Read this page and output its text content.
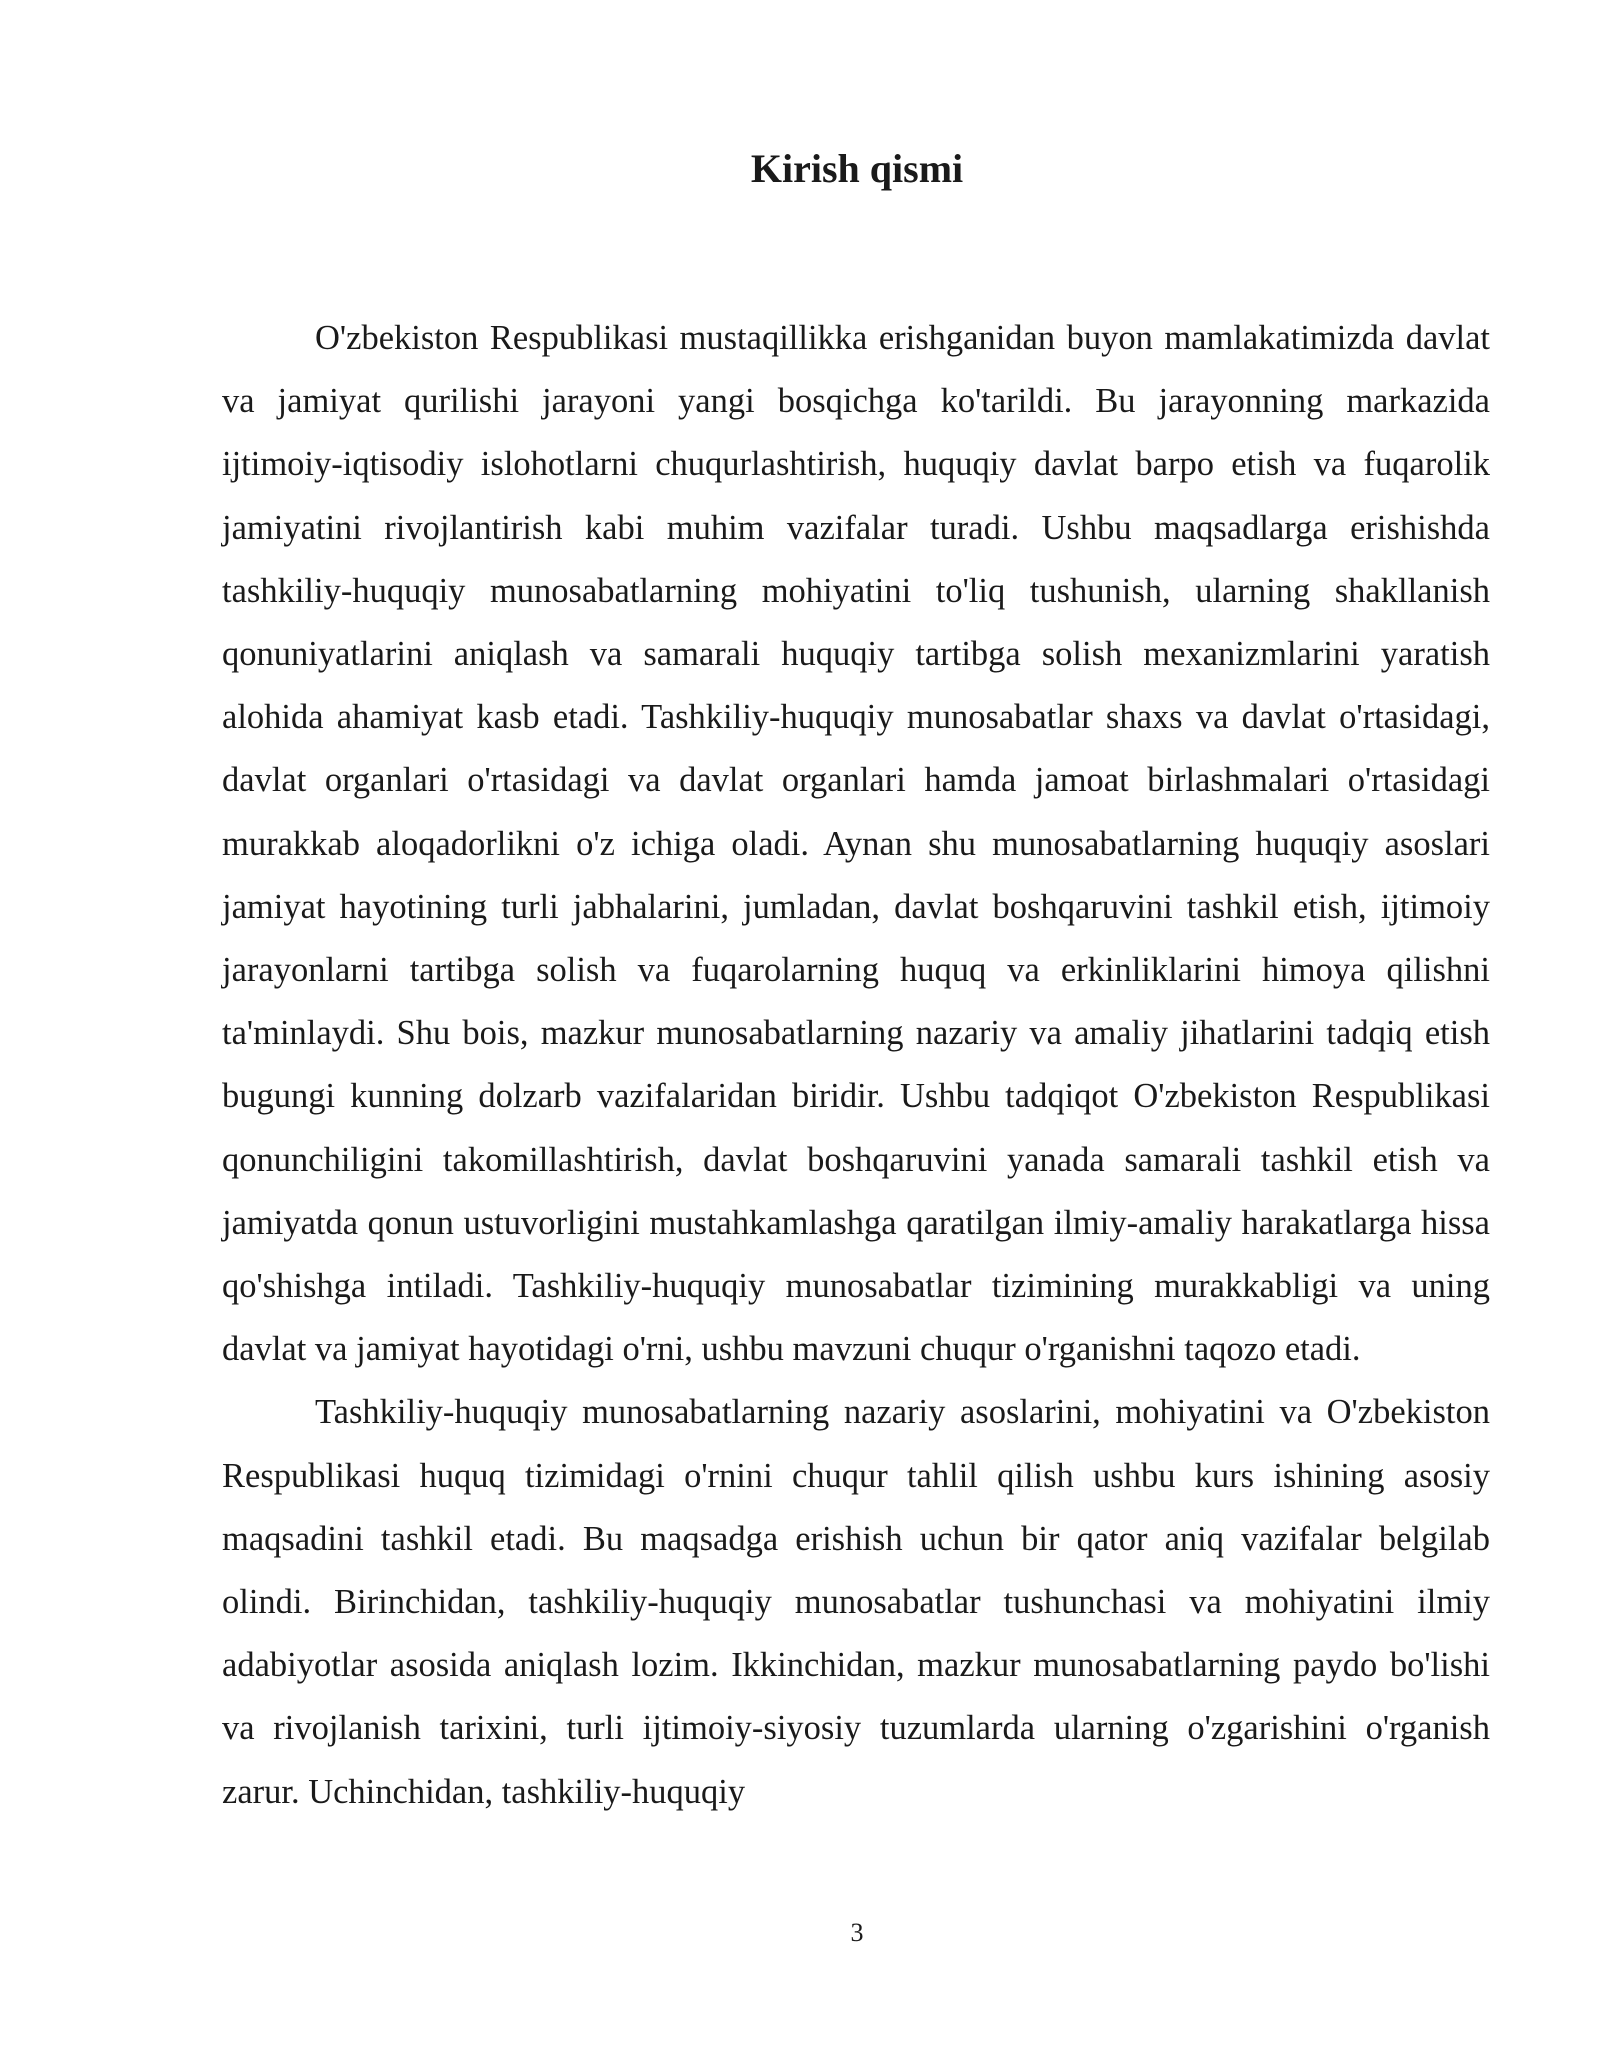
Kirish qismi

O'zbekiston Respublikasi mustaqillikka erishganidan buyon mamlakatimizda davlat va jamiyat qurilishi jarayoni yangi bosqichga ko'tarildi. Bu jarayonning markazida ijtimoiy-iqtisodiy islohotlarni chuqurlashtirish, huquqiy davlat barpo etish va fuqarolik jamiyatini rivojlantirish kabi muhim vazifalar turadi. Ushbu maqsadlarga erishishda tashkiliy-huquqiy munosabatlarning mohiyatini to'liq tushunish, ularning shakllanish qonuniyatlarini aniqlash va samarali huquqiy tartibga solish mexanizmlarini yaratish alohida ahamiyat kasb etadi. Tashkiliy-huquqiy munosabatlar shaxs va davlat o'rtasidagi, davlat organlari o'rtasidagi va davlat organlari hamda jamoat birlashmalari o'rtasidagi murakkab aloqadorlikni o'z ichiga oladi. Aynan shu munosabatlarning huquqiy asoslari jamiyat hayotining turli jabhalarini, jumladan, davlat boshqaruvini tashkil etish, ijtimoiy jarayonlarni tartibga solish va fuqarolarning huquq va erkinliklarini himoya qilishni ta'minlaydi. Shu bois, mazkur munosabatlarning nazariy va amaliy jihatlarini tadqiq etish bugungi kunning dolzarb vazifalaridan biridir. Ushbu tadqiqot O'zbekiston Respublikasi qonunchiligini takomillashtirish, davlat boshqaruvini yanada samarali tashkil etish va jamiyatda qonun ustuvorligini mustahkamlashga qaratilgan ilmiy-amaliy harakatlarga hissa qo'shishga intiladi. Tashkiliy-huquqiy munosabatlar tizimining murakkabligi va uning davlat va jamiyat hayotidagi o'rni, ushbu mavzuni chuqur o'rganishni taqozo etadi.

Tashkiliy-huquqiy munosabatlarning nazariy asoslarini, mohiyatini va O'zbekiston Respublikasi huquq tizimidagi o'rnini chuqur tahlil qilish ushbu kurs ishining asosiy maqsadini tashkil etadi. Bu maqsadga erishish uchun bir qator aniq vazifalar belgilab olindi. Birinchidan, tashkiliy-huquqiy munosabatlar tushunchasi va mohiyatini ilmiy adabiyotlar asosida aniqlash lozim. Ikkinchidan, mazkur munosabatlarning paydo bo'lishi va rivojlanish tarixini, turli ijtimoiy-siyosiy tuzumlarda ularning o'zgarishini o'rganish zarur. Uchinchidan, tashkiliy-huquqiy

3
